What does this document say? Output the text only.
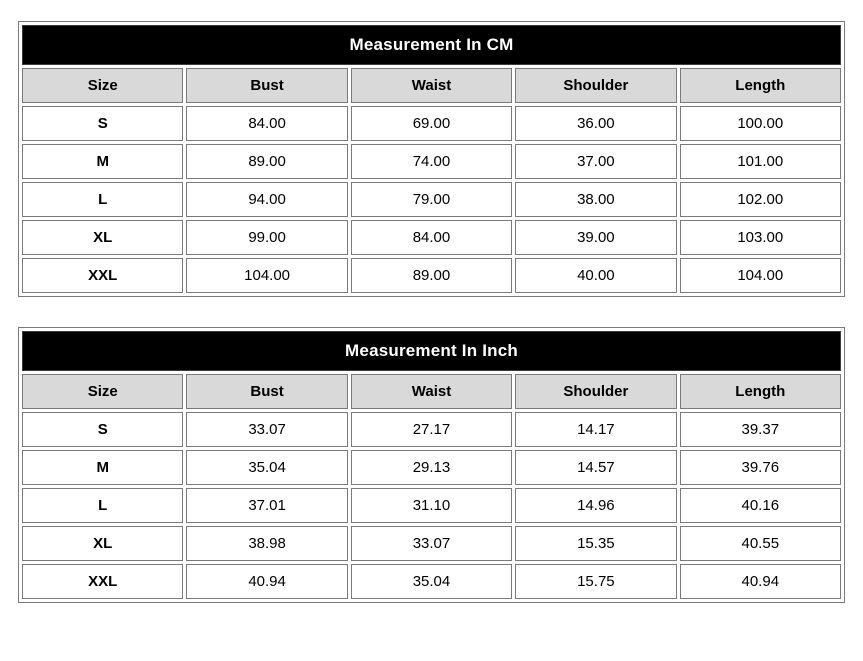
Measurement In CM				
Size	Bust	Waist	Shoulder	Length
S	84.00	69.00	36.00	100.00
M	89.00	74.00	37.00	101.00
L	94.00	79.00	38.00	102.00
XL	99.00	84.00	39.00	103.00
XXL	104.00	89.00	40.00	104.00
Measurement In Inch				
Size	Bust	Waist	Shoulder	Length
S	33.07	27.17	14.17	39.37
M	35.04	29.13	14.57	39.76
L	37.01	31.10	14.96	40.16
XL	38.98	33.07	15.35	40.55
XXL	40.94	35.04	15.75	40.94
